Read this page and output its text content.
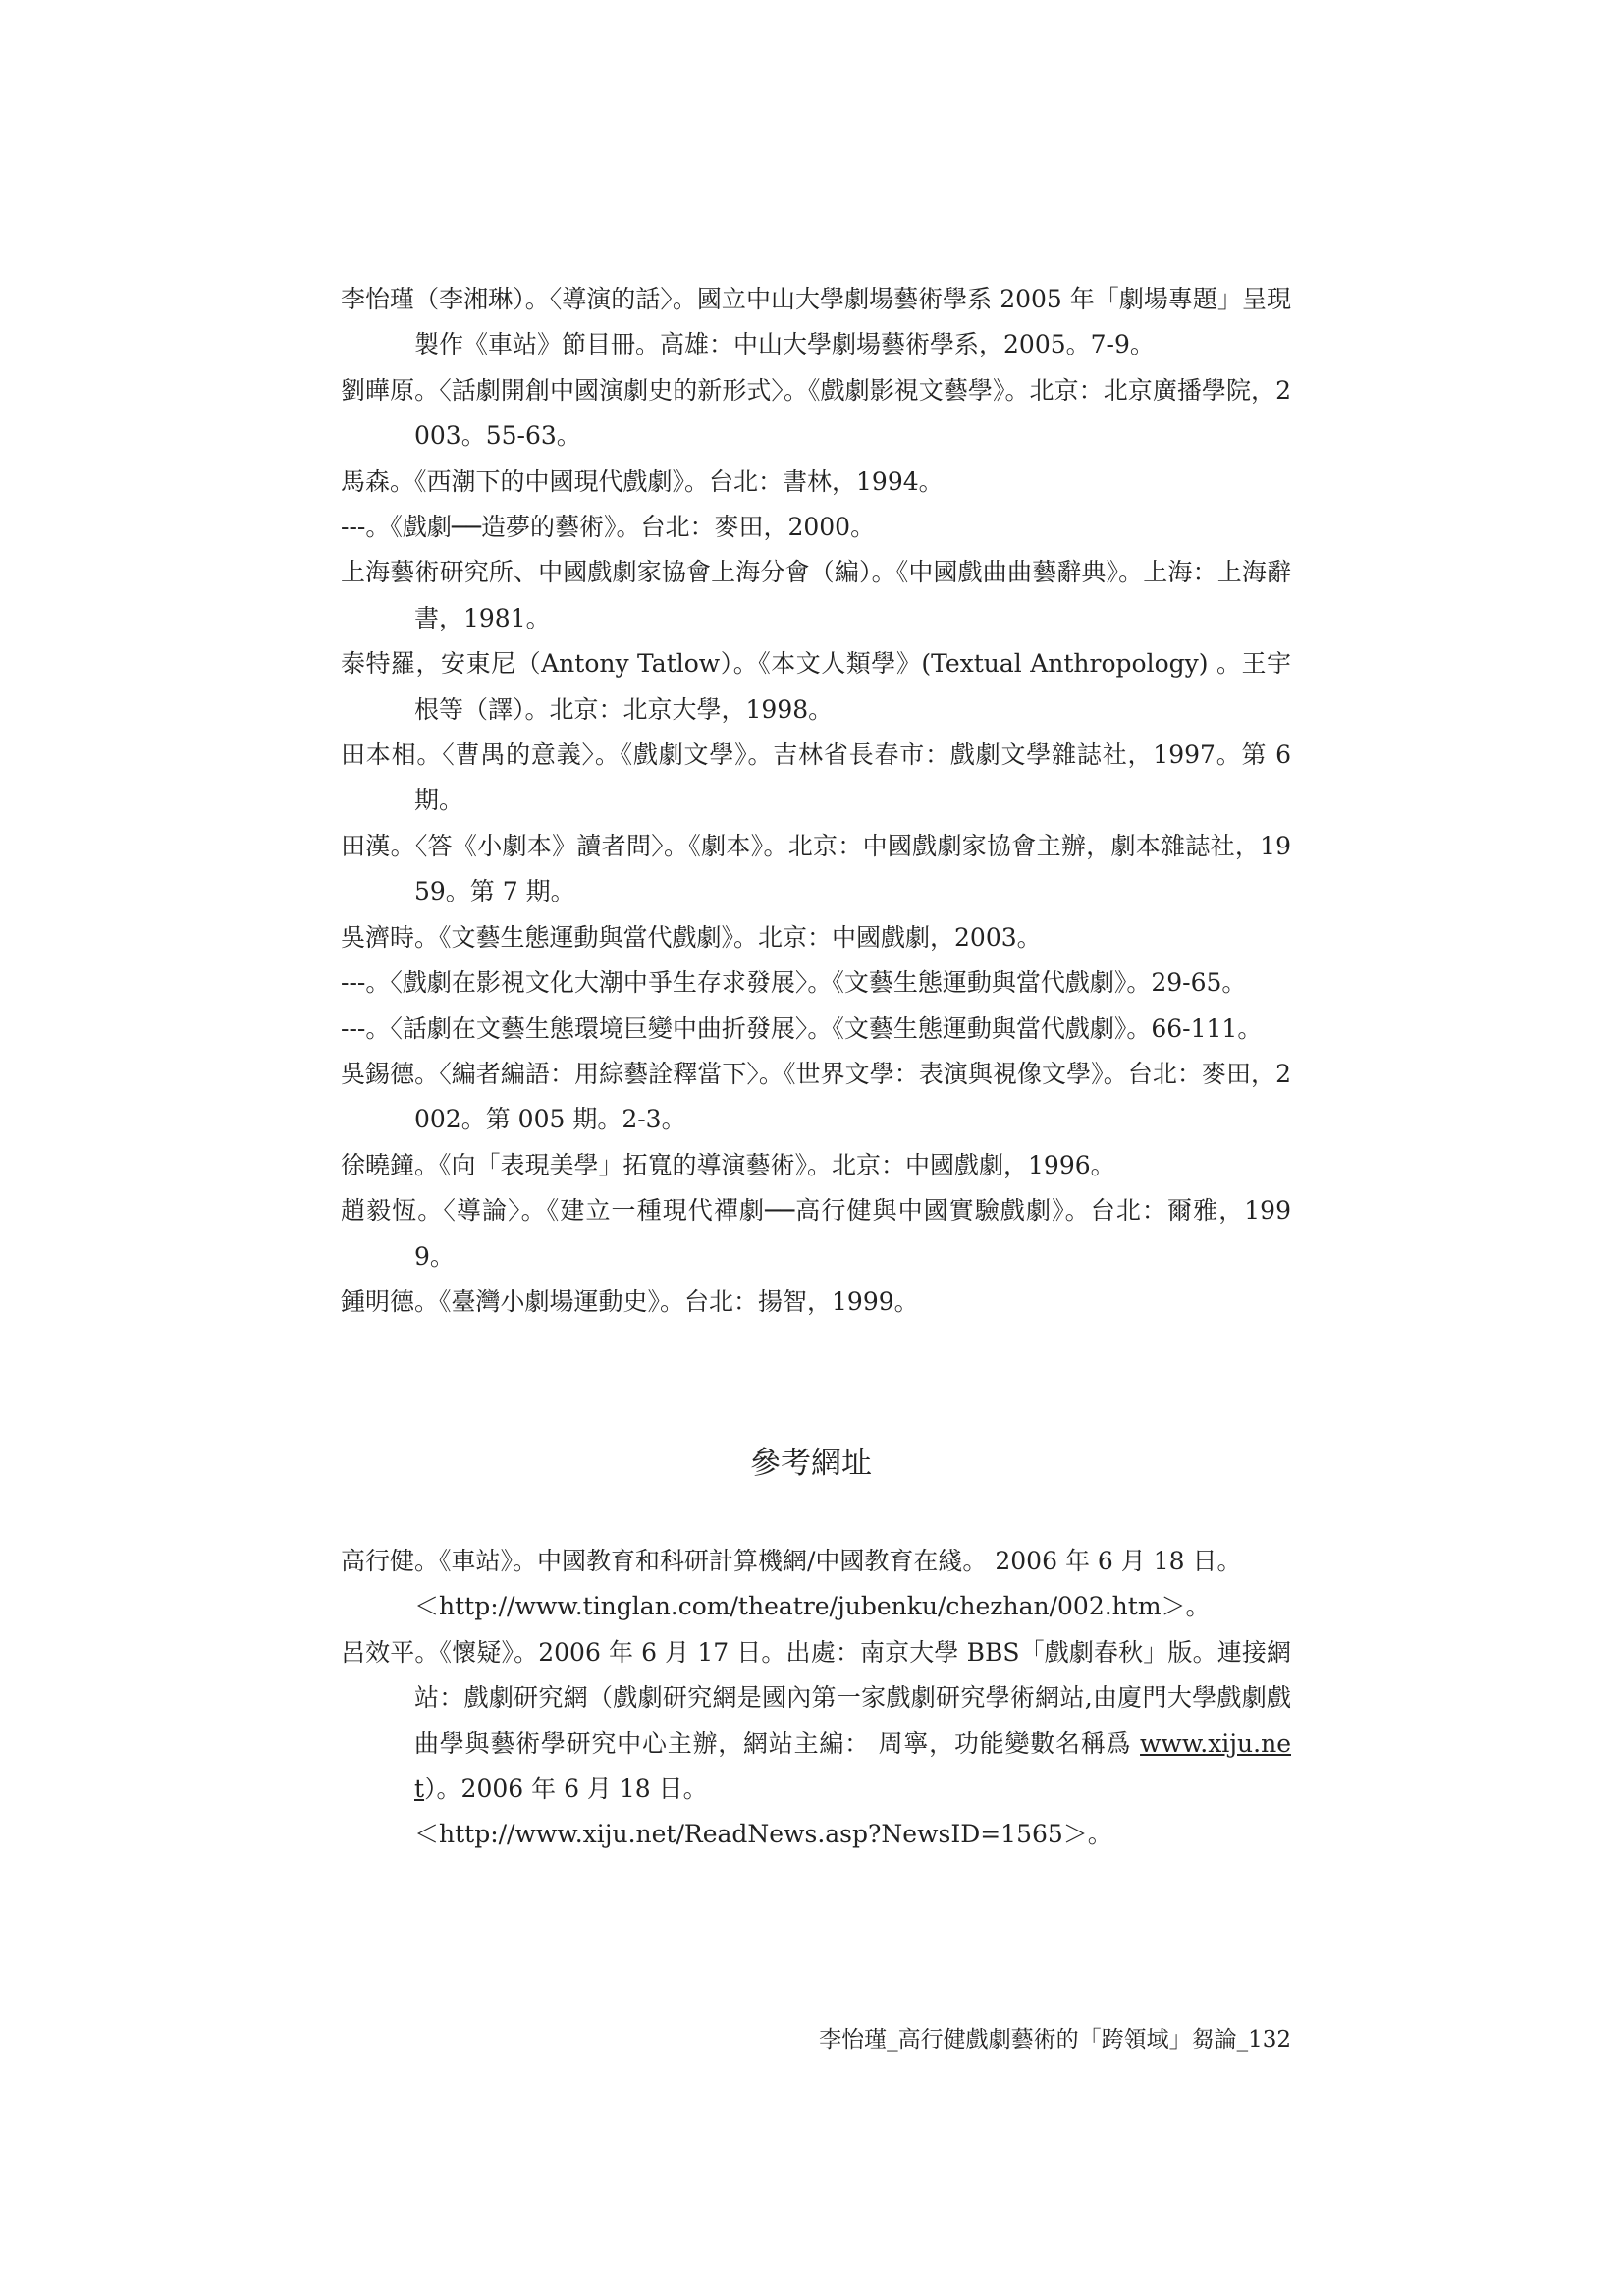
李怡瑾（李湘琳）。〈導演的話〉。國立中山大學劇場藝術學系 2005 年「劇場專題」呈現製作《車站》節目冊。高雄：中山大學劇場藝術學系，2005。7-9。
劉曄原。〈話劇開創中國演劇史的新形式〉。《戲劇影視文藝學》。北京：北京廣播學院，2003。55-63。
馬森。《西潮下的中國現代戲劇》。台北：書林，1994。
---。《戲劇──造夢的藝術》。台北：麥田，2000。
上海藝術研究所、中國戲劇家協會上海分會（編）。《中國戲曲曲藝辭典》。上海：上海辭書，1981。
泰特羅，安東尼（Antony Tatlow）。《本文人類學》(Textual Anthropology) 。王宇根等（譯）。北京：北京大學，1998。
田本相。〈曹禺的意義〉。《戲劇文學》。吉林省長春市：戲劇文學雜誌社，1997。第 6 期。
田漢。〈答《小劇本》讀者問〉。《劇本》。北京：中國戲劇家協會主辦，劇本雜誌社，1959。第 7 期。
吳濟時。《文藝生態運動與當代戲劇》。北京：中國戲劇，2003。
---。〈戲劇在影視文化大潮中爭生存求發展〉。《文藝生態運動與當代戲劇》。29-65。
---。〈話劇在文藝生態環境巨變中曲折發展〉。《文藝生態運動與當代戲劇》。66-111。
吳錫德。〈編者編語：用綜藝詮釋當下〉。《世界文學：表演與視像文學》。台北：麥田，2002。第 005 期。2-3。
徐曉鐘。《向「表現美學」拓寬的導演藝術》。北京：中國戲劇，1996。
趙毅恆。〈導論〉。《建立一種現代禪劇──高行健與中國實驗戲劇》。台北：爾雅，1999。
鍾明德。《臺灣小劇場運動史》。台北：揚智，1999。
參考網址
高行健。《車站》。中國教育和科研計算機網/中國教育在綫。 2006 年 6 月 18 日。
＜http://www.tinglan.com/theatre/jubenku/chezhan/002.htm＞。
呂效平。《懷疑》。2006 年 6 月 17 日。出處：南京大學 BBS「戲劇春秋」版。連接網站：戲劇研究網（戲劇研究網是國內第一家戲劇研究學術網站,由廈門大學戲劇戲曲學與藝術學研究中心主辦，網站主編： 周寧，功能變數名稱爲 www.xiju.net）。2006 年 6 月 18 日。
＜http://www.xiju.net/ReadNews.asp?NewsID=1565＞。
李怡瑾_高行健戲劇藝術的「跨領域」芻論_132
